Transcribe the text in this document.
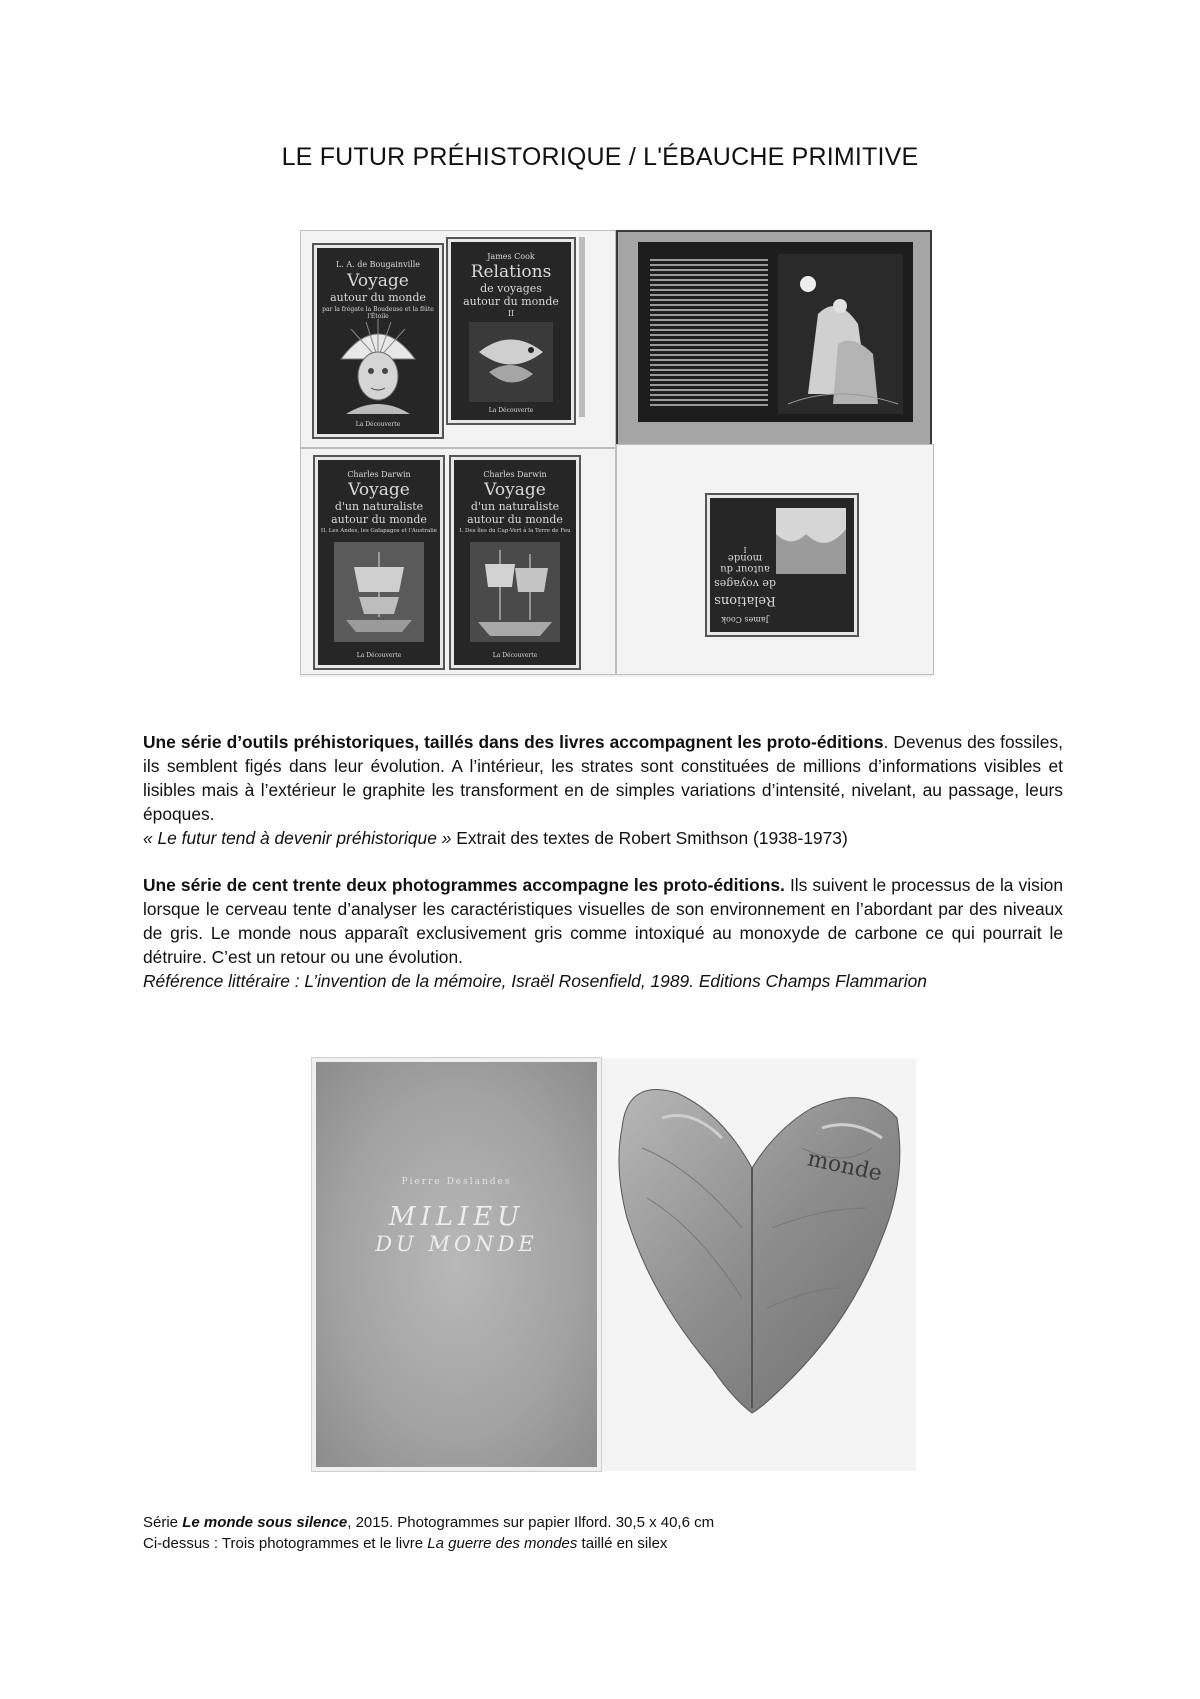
LE FUTUR PRÉHISTORIQUE / L'ÉBAUCHE PRIMITIVE
L. A. de Bougainville
Voyage
autour du monde
par la frégate la Boudeuse et la flûte l'Étoile
La Découverte
James Cook
Relations
de voyages
autour du monde
II
La Découverte
Charles Darwin
Voyage
d'un naturaliste
autour du monde
II. Les Andes, les Galapagos et l'Australie
La Découverte
Charles Darwin
Voyage
d'un naturaliste
autour du monde
I. Des îles du Cap-Vert à la Terre de Feu
La Découverte
James Cook
Relations
de voyages
autour du monde
I
Une série d’outils préhistoriques, taillés dans des livres accompagnent les proto-éditions. Devenus des fossiles, ils semblent figés dans leur évolution. A l’intérieur, les strates sont constituées de millions d’informations visibles et lisibles mais à l’extérieur le graphite les transforment en de simples variations d’intensité, nivelant, au passage, leurs époques.
« Le futur tend à devenir préhistorique » Extrait des textes de Robert Smithson (1938-1973)
Une série de cent trente deux photogrammes accompagne les proto-éditions. Ils suivent le processus de la vision lorsque le cerveau tente d’analyser les caractéristiques visuelles de son environnement en l’abordant par des niveaux de gris. Le monde nous apparaît exclusivement gris comme intoxiqué au monoxyde de carbone ce qui pourrait le détruire. C’est un retour ou une évolution.
Référence littéraire : L’invention de la mémoire, Israël Rosenfield, 1989. Editions Champs Flammarion
Pierre Deslandes
MILIEU
DU MONDE
monde
Série Le monde sous silence, 2015. Photogrammes sur papier Ilford. 30,5 x 40,6 cm
Ci-dessus : Trois photogrammes et le livre La guerre des mondes taillé en silex
